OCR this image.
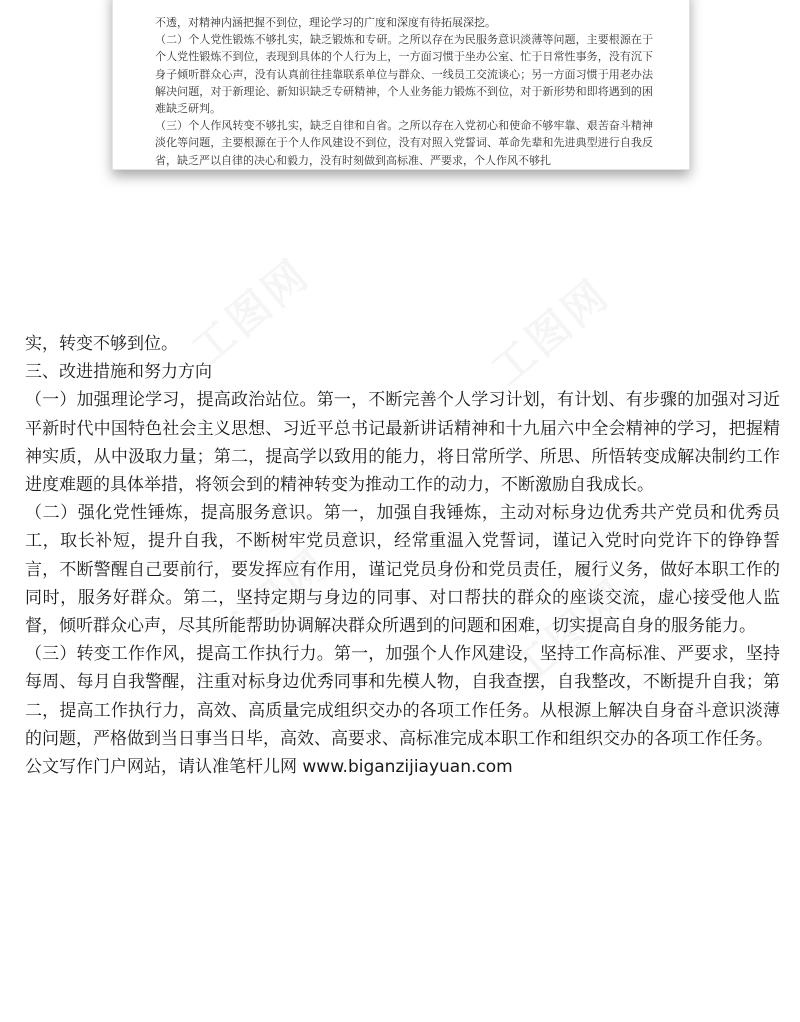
不透，对精神内涵把握不到位，理论学习的广度和深度有待拓展深挖。

（二）个人党性锻炼不够扎实，缺乏锻炼和专研。之所以存在为民服务意识淡薄等问题，主要根源在于个人党性锻炼不到位，表现到具体的个人行为上，一方面习惯于坐办公室、忙于日常性事务，没有沉下身子倾听群众心声，没有认真前往挂靠联系单位与群众、一线员工交流谈心；另一方面习惯于用老办法解决问题，对于新理论、新知识缺乏专研精神，个人业务能力锻炼不到位，对于新形势和即将遇到的困难缺乏研判。

（三）个人作风转变不够扎实，缺乏自律和自省。之所以存在入党初心和使命不够牢靠、艰苦奋斗精神淡化等问题，主要根源在于个人作风建设不到位，没有对照入党誓词、革命先辈和先进典型进行自我反省，缺乏严以自律的决心和毅力，没有时刻做到高标准、严要求，个人作风不够扎

工图网	工图网
工图网	工图网

实，转变不够到位。

三、改进措施和努力方向

（一）加强理论学习，提高政治站位。第一，不断完善个人学习计划，有计划、有步骤的加强对习近平新时代中国特色社会主义思想、习近平总书记最新讲话精神和十九届六中全会精神的学习，把握精神实质，从中汲取力量；第二，提高学以致用的能力，将日常所学、所思、所悟转变成解决制约工作进度难题的具体举措，将领会到的精神转变为推动工作的动力，不断激励自我成长。

（二）强化党性锤炼，提高服务意识。第一，加强自我锤炼，主动对标身边优秀共产党员和优秀员工，取长补短，提升自我，不断树牢党员意识，经常重温入党誓词，谨记入党时向党许下的铮铮誓言，不断警醒自己要前行，要发挥应有作用，谨记党员身份和党员责任，履行义务，做好本职工作的同时，服务好群众。第二，坚持定期与身边的同事、对口帮扶的群众的座谈交流，虚心接受他人监督，倾听群众心声，尽其所能帮助协调解决群众所遇到的问题和困难，切实提高自身的服务能力。

（三）转变工作作风，提高工作执行力。第一，加强个人作风建设，坚持工作高标准、严要求，坚持每周、每月自我警醒，注重对标身边优秀同事和先模人物，自我查摆，自我整改，不断提升自我；第二，提高工作执行力，高效、高质量完成组织交办的各项工作任务。从根源上解决自身奋斗意识淡薄的问题，严格做到当日事当日毕，高效、高要求、高标准完成本职工作和组织交办的各项工作任务。

公文写作门户网站，请认准笔杆儿网 www.biganzijiayuan.com
